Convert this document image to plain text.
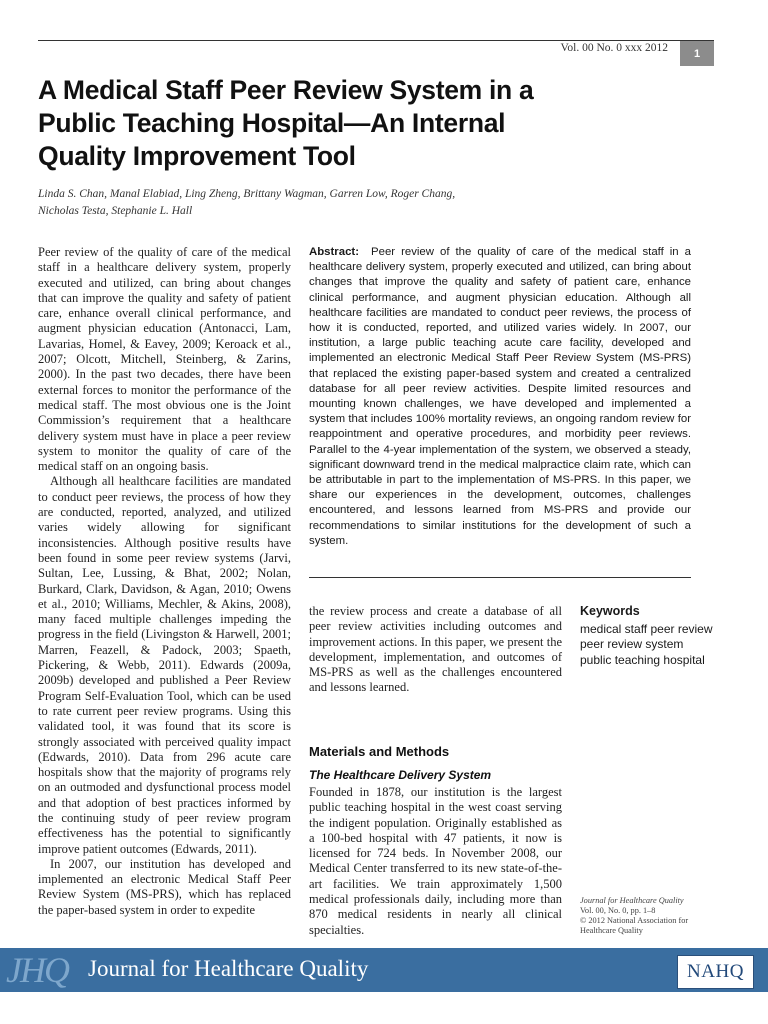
Vol. 00 No. 0 xxx 2012	1
A Medical Staff Peer Review System in a
Public Teaching Hospital—An Internal
Quality Improvement Tool
Linda S. Chan, Manal Elabiad, Ling Zheng, Brittany Wagman, Garren Low, Roger Chang,
Nicholas Testa, Stephanie L. Hall

Peer review of the quality of care of the medical staff in a healthcare delivery system, properly executed and utilized, can bring about changes that can improve the quality and safety of patient care, enhance overall clinical performance, and augment physician education (Antonacci, Lam, Lavarias, Homel, & Eavey, 2009; Keroack et al., 2007; Olcott, Mitchell, Steinberg, & Zarins, 2000). In the past two decades, there have been external forces to monitor the performance of the medical staff. The most obvious one is the Joint Commission’s requirement that a healthcare delivery system must have in place a peer review system to monitor the quality of care of the medical staff on an ongoing basis.

Although all healthcare facilities are mandated to conduct peer reviews, the process of how they are conducted, reported, analyzed, and utilized varies widely allowing for significant inconsistencies. Although positive results have been found in some peer review systems (Jarvi, Sultan, Lee, Lussing, & Bhat, 2002; Nolan, Burkard, Clark, Davidson, & Agan, 2010; Owens et al., 2010; Williams, Mechler, & Akins, 2008), many faced multiple challenges impeding the progress in the field (Livingston & Harwell, 2001; Marren, Feazell, & Padock, 2003; Spaeth, Pickering, & Webb, 2011). Edwards (2009a, 2009b) developed and published a Peer Review Program Self-Evaluation Tool, which can be used to rate current peer review programs. Using this validated tool, it was found that its score is strongly associated with perceived quality impact (Edwards, 2010). Data from 296 acute care hospitals show that the majority of programs rely on an outmoded and dysfunctional process model and that adoption of best practices informed by the continuing study of peer review program effectiveness has the potential to significantly improve patient outcomes (Edwards, 2011).

In 2007, our institution has developed and implemented an electronic Medical Staff Peer Review System (MS-PRS), which has replaced the paper-based system in order to expedite

Abstract: Peer review of the quality of care of the medical staff in a healthcare delivery system, properly executed and utilized, can bring about changes that improve the quality and safety of patient care, enhance clinical performance, and augment physician education. Although all healthcare facilities are mandated to conduct peer reviews, the process of how it is conducted, reported, and utilized varies widely. In 2007, our institution, a large public teaching acute care facility, developed and implemented an electronic Medical Staff Peer Review System (MS-PRS) that replaced the existing paper-based system and created a centralized database for all peer review activities. Despite limited resources and mounting known challenges, we have developed and implemented a system that includes 100% mortality reviews, an ongoing random review for reappointment and operative procedures, and morbidity peer reviews. Parallel to the 4-year implementation of the system, we observed a steady, significant downward trend in the medical malpractice claim rate, which can be attributable in part to the implementation of MS-PRS. In this paper, we share our experiences in the development, outcomes, challenges encountered, and lessons learned from MS-PRS and provide our recommendations to similar institutions for the development of such a system.

the review process and create a database of all peer review activities including outcomes and improvement actions. In this paper, we present the development, implementation, and outcomes of MS-PRS as well as the challenges encountered and lessons learned.

Keywords
medical staff peer review
peer review system
public teaching hospital
Materials and Methods
The Healthcare Delivery System

Founded in 1878, our institution is the largest public teaching hospital in the west coast serving the indigent population. Originally established as a 100-bed hospital with 47 patients, it now is licensed for 724 beds. In November 2008, our Medical Center transferred to its new state-of-the-art facilities. We train approximately 1,500 medical professionals daily, including more than 870 medical residents in nearly all clinical specialties.

Journal for Healthcare Quality
Vol. 00, No. 0, pp. 1–8
© 2012 National Association for
Healthcare Quality
JHQ Journal for Healthcare Quality	NAHQ
